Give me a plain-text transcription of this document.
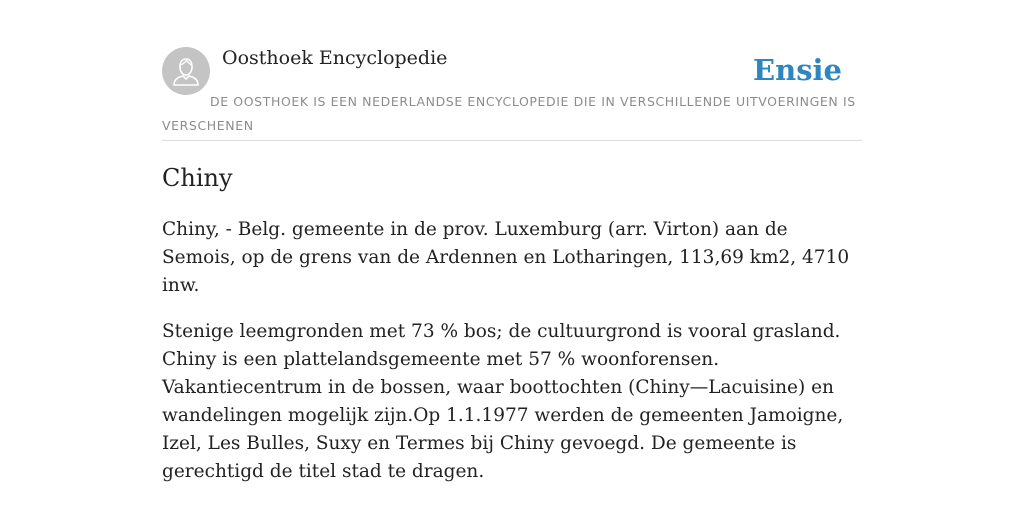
Oosthoek Encyclopedie	Ensie
DE OOSTHOEK IS EEN NEDERLANDSE ENCYCLOPEDIE DIE IN VERSCHILLENDE UITVOERINGEN IS VERSCHENEN
Chiny

Chiny, - Belg. gemeente in de prov. Luxemburg (arr. Virton) aan de Semois, op de grens van de Ardennen en Lotharingen, 113,69 km2, 4710 inw.

Stenige leemgronden met 73 % bos; de cultuurgrond is vooral grasland. Chiny is een plattelandsgemeente met 57 % woonforensen. Vakantiecentrum in de bossen, waar boottochten (Chiny—Lacuisine) en wandelingen mogelijk zijn.Op 1.1.1977 werden de gemeenten Jamoigne, Izel, Les Bulles, Suxy en Termes bij Chiny gevoegd. De gemeente is gerechtigd de titel stad te dragen.
